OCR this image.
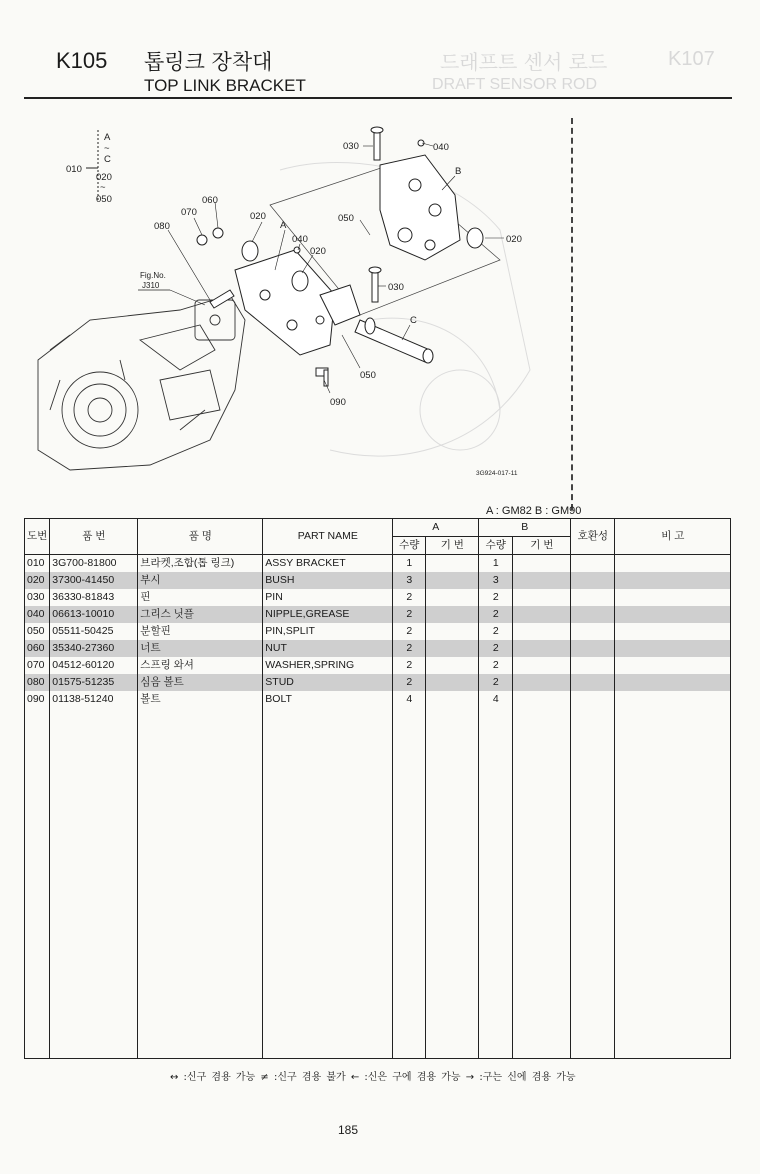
K107
드래프트 센서 로드
DRAFT SENSOR ROD
K105 톱링크 장착대
TOP LINK BRACKET
A
~
C
020
~
050
010
Fig.No.
J310
030	040
B
060
070	020
080	A
040
020
050
020
030
C
050
090
3G924-017-11
A : GM82 B : GM90
도번	품 번	품 명	PART NAME	A		B		호환성	비 고
				수량	기 번	수량	기 번		
010	3G700-81800	브라켓,조합(톱 링크)	ASSY BRACKET	1		1			
020	37300-41450	부시	BUSH	3		3			
030	36330-81843	핀	PIN	2		2			
040	06613-10010	그리스 닛플	NIPPLE,GREASE	2		2			
050	05511-50425	분할핀	PIN,SPLIT	2		2			
060	35340-27360	너트	NUT	2		2			
070	04512-60120	스프링 와셔	WASHER,SPRING	2		2			
080	01575-51235	심음 볼트	STUD	2		2			
090	01138-51240	볼트	BOLT	4		4			

↔ :신구 겸용 가능 ≠ :신구 겸용 불가 ← :신은 구에 겸용 가능 → :구는 신에 겸용 가능
185
